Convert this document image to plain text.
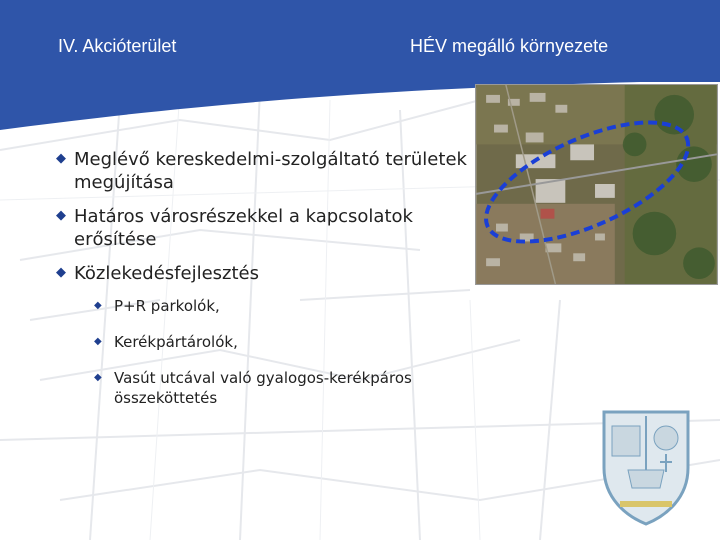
IV. Akcióterület	HÉV megálló környezete
◆ Meglévő kereskedelmi-szolgáltató területek megújítása
◆ Határos városrészekkel a kapcsolatok erősítése
◆ Közlekedésfejlesztés
◆ P+R parkolók,
◆ Kerékpártárolók,
◆ Vasút utcával való gyalogos-kerékpáros összeköttetés
